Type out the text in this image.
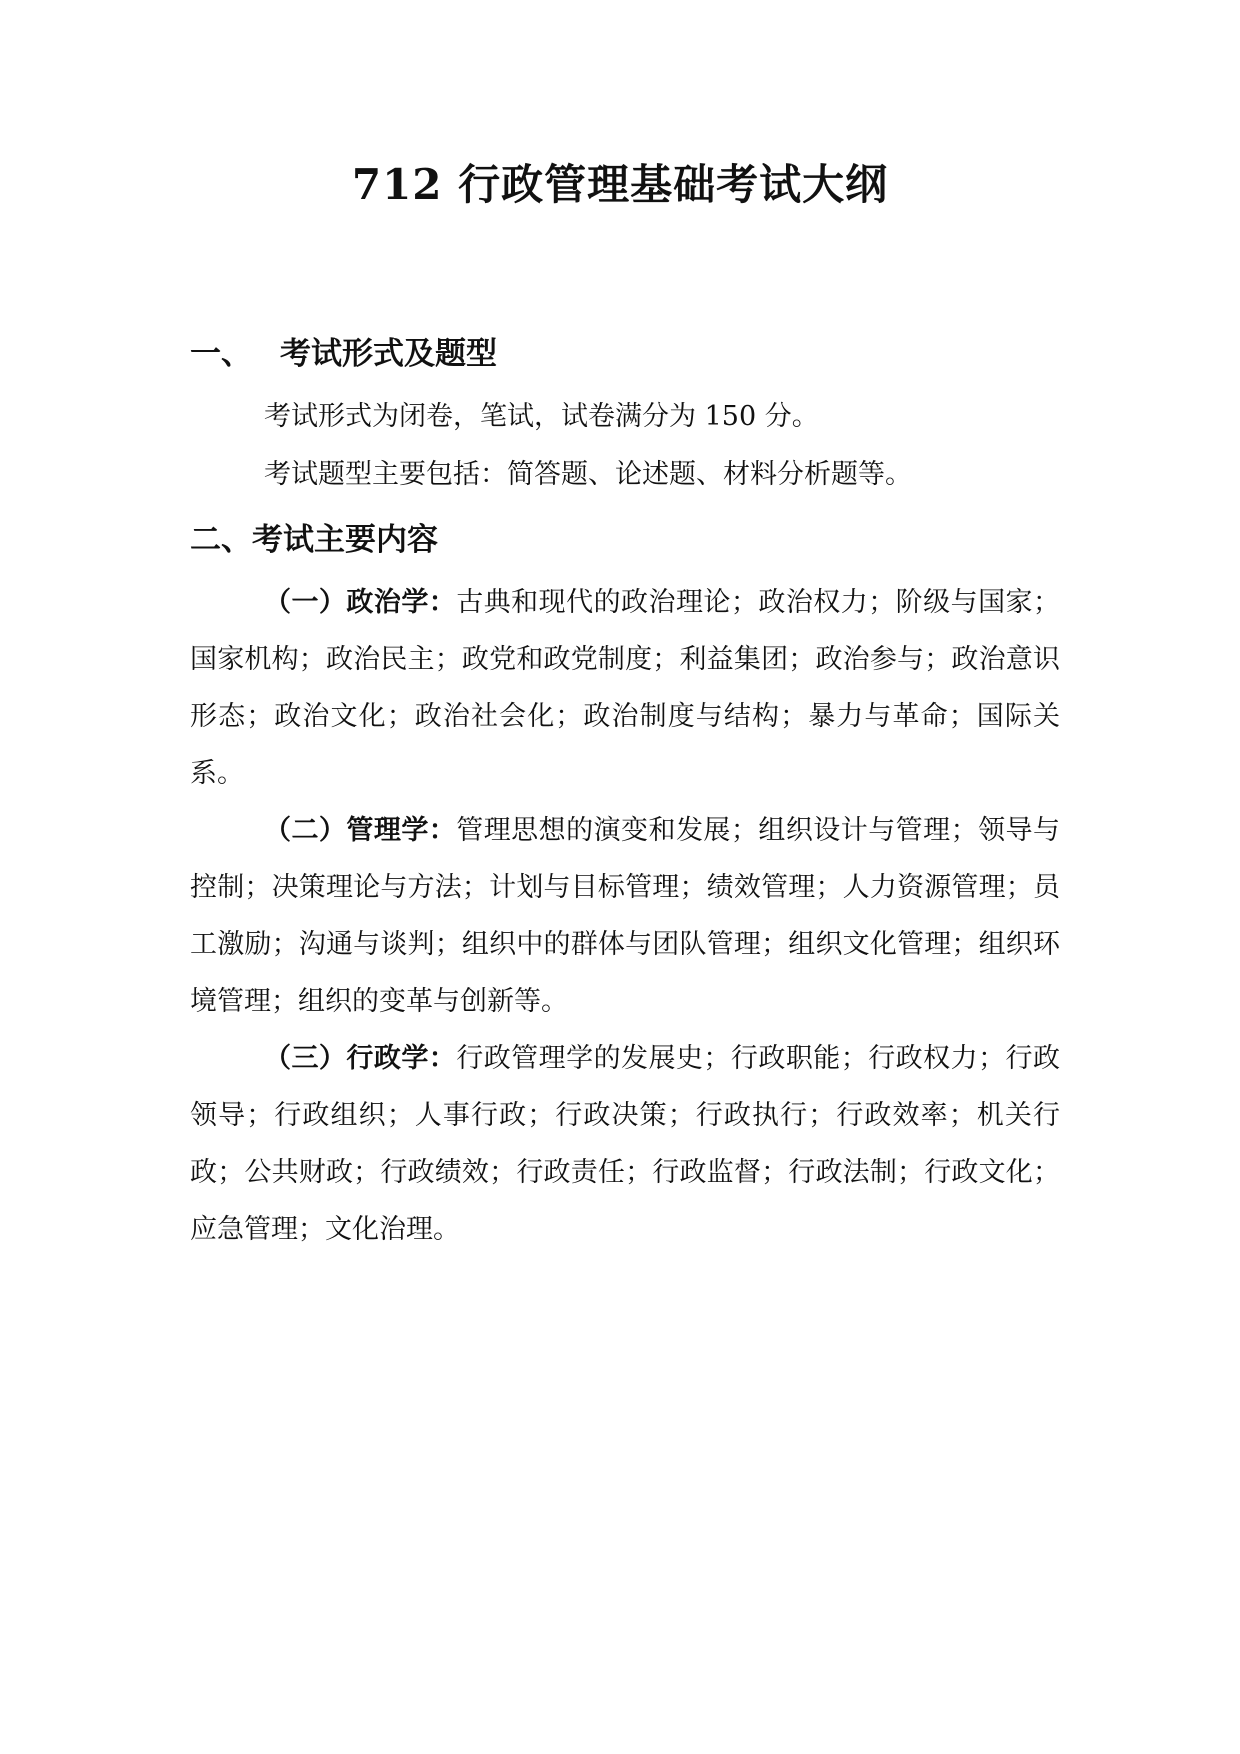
712 行政管理基础考试大纲
一、 考试形式及题型

考试形式为闭卷，笔试，试卷满分为 150 分。

考试题型主要包括：简答题、论述题、材料分析题等。

二、考试主要内容

（一）政治学：古典和现代的政治理论；政治权力；阶级与国家；国家机构；政治民主；政党和政党制度；利益集团；政治参与；政治意识形态；政治文化；政治社会化；政治制度与结构；暴力与革命；国际关系。

（二）管理学：管理思想的演变和发展；组织设计与管理；领导与控制；决策理论与方法；计划与目标管理；绩效管理；人力资源管理；员工激励；沟通与谈判；组织中的群体与团队管理；组织文化管理；组织环境管理；组织的变革与创新等。

（三）行政学：行政管理学的发展史；行政职能；行政权力；行政领导；行政组织；人事行政；行政决策；行政执行；行政效率；机关行政；公共财政；行政绩效；行政责任；行政监督；行政法制；行政文化；应急管理；文化治理。
